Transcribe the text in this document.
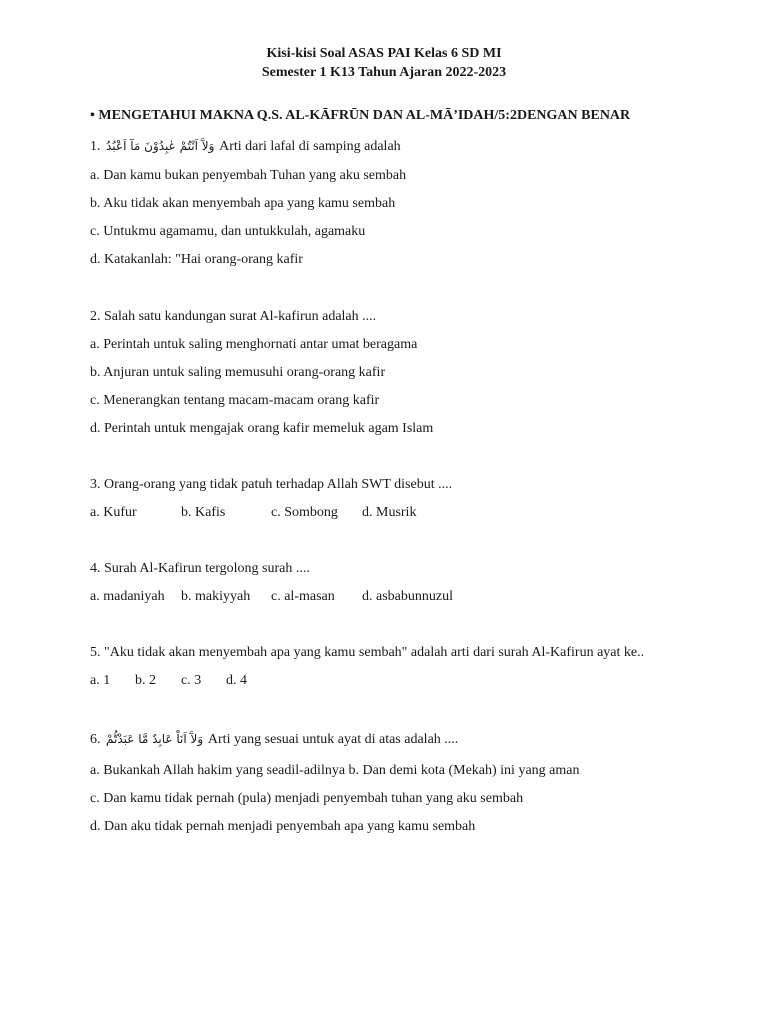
Kisi-kisi Soal ASAS PAI Kelas 6 SD MI
Semester 1 K13 Tahun Ajaran 2022-2023
• MENGETAHUI MAKNA Q.S. AL-KĀFRŪN DAN AL-MĀ’IDAH/5:2DENGAN BENAR
1. وَلآَ اَنْتُمْ عٰبِدُوْنَ مَآ اَعْبُدُ Arti dari lafal di samping adalah
a. Dan kamu bukan penyembah Tuhan yang aku sembah
b. Aku tidak akan menyembah apa yang kamu sembah
c. Untukmu agamamu, dan untukkulah, agamaku
d. Katakanlah: "Hai orang-orang kafir
2. Salah satu kandungan surat Al-kafirun adalah ....
a. Perintah untuk saling menghornati antar umat beragama
b. Anjuran untuk saling memusuhi orang-orang kafir
c. Menerangkan tentang macam-macam orang kafir
d. Perintah untuk mengajak orang kafir memeluk agam Islam
3. Orang-orang yang tidak patuh terhadap Allah SWT disebut ....
a. Kufur	b. Kafis	c. Sombong d. Musrik
4. Surah Al-Kafirun tergolong surah ....
a. madaniyah b. makiyyah c. al-masan d. asbabunnuzul
5. "Aku tidak akan menyembah apa yang kamu sembah" adalah arti dari surah Al-Kafirun ayat ke..
a. 1 b. 2 c. 3 d. 4
6. وَلآَ اَنَاْ عَابِدٌ مَّا عَبَدْتُّمْ Arti yang sesuai untuk ayat di atas adalah ....
a. Bukankah Allah hakim yang seadil-adilnya b. Dan demi kota (Mekah) ini yang aman
c. Dan kamu tidak pernah (pula) menjadi penyembah tuhan yang aku sembah
d. Dan aku tidak pernah menjadi penyembah apa yang kamu sembah
